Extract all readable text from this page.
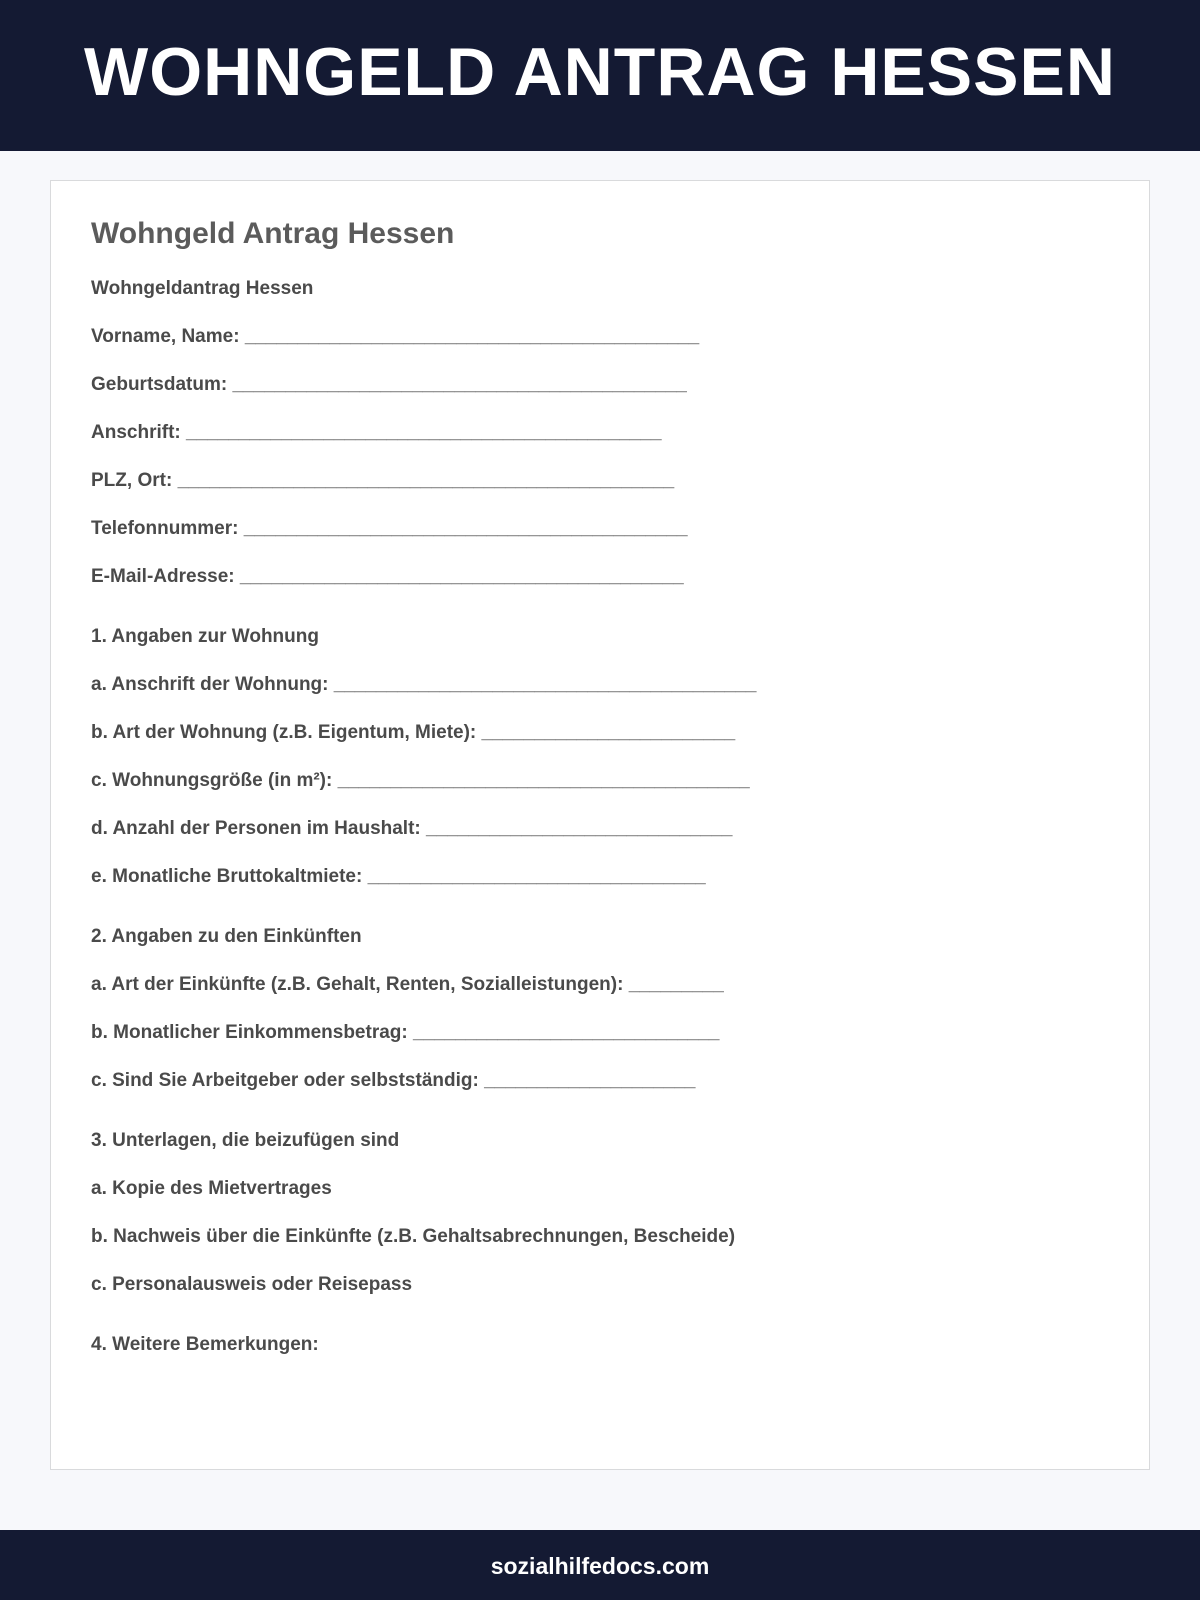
WOHNGELD ANTRAG HESSEN
Wohngeld Antrag Hessen

Wohngeldantrag Hessen

Vorname, Name: ___________________________________________

Geburtsdatum: ___________________________________________

Anschrift: _____________________________________________

PLZ, Ort: _______________________________________________

Telefonnummer: __________________________________________

E-Mail-Adresse: __________________________________________

1. Angaben zur Wohnung

a. Anschrift der Wohnung: ________________________________________

b. Art der Wohnung (z.B. Eigentum, Miete): ________________________

c. Wohnungsgröße (in m²): _______________________________________

d. Anzahl der Personen im Haushalt: _____________________________

e. Monatliche Bruttokaltmiete: ________________________________

2. Angaben zu den Einkünften

a. Art der Einkünfte (z.B. Gehalt, Renten, Sozialleistungen): _________

b. Monatlicher Einkommensbetrag: _____________________________

c. Sind Sie Arbeitgeber oder selbstständig: ____________________

3. Unterlagen, die beizufügen sind

a. Kopie des Mietvertrages

b. Nachweis über die Einkünfte (z.B. Gehaltsabrechnungen, Bescheide)

c. Personalausweis oder Reisepass

4. Weitere Bemerkungen:

sozialhilfedocs.com
